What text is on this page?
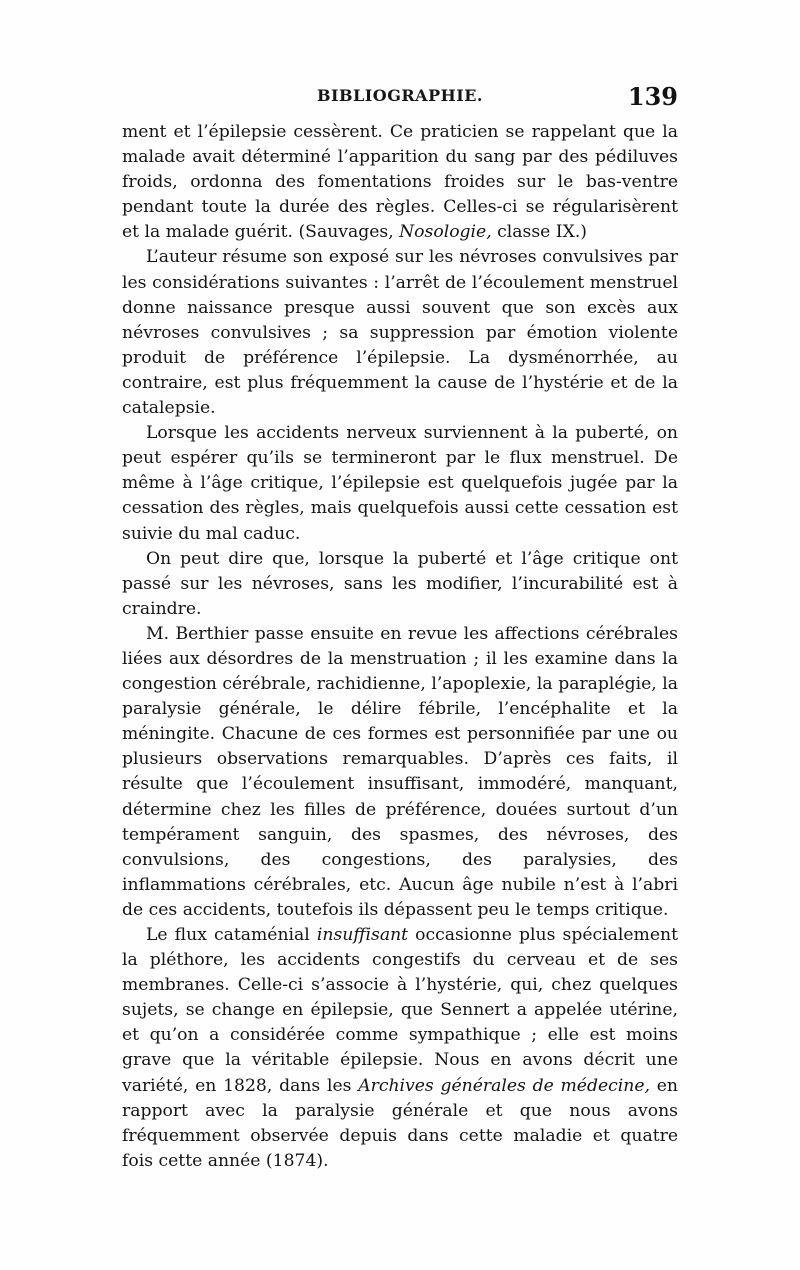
BIBLIOGRAPHIE.	139

ment et l’épilepsie cessèrent. Ce praticien se rappelant que la malade avait déterminé l’apparition du sang par des pédiluves froids, ordonna des fomentations froides sur le bas-ventre pendant toute la durée des règles. Celles-ci se régularisèrent et la malade guérit. (Sauvages, Nosologie, classe IX.)

L’auteur résume son exposé sur les névroses convulsives par les considérations suivantes : l’arrêt de l’écoulement menstruel donne naissance presque aussi souvent que son excès aux névroses convulsives ; sa suppression par émotion violente produit de préférence l’épilepsie. La dysménorrhée, au contraire, est plus fréquemment la cause de l’hystérie et de la catalepsie.

Lorsque les accidents nerveux surviennent à la puberté, on peut espérer qu’ils se termineront par le flux menstruel. De même à l’âge critique, l’épilepsie est quelquefois jugée par la cessation des règles, mais quelquefois aussi cette cessation est suivie du mal caduc.

On peut dire que, lorsque la puberté et l’âge critique ont passé sur les névroses, sans les modifier, l’incurabilité est à craindre.

M. Berthier passe ensuite en revue les affections cérébrales liées aux désordres de la menstruation ; il les examine dans la congestion cérébrale, rachidienne, l’apoplexie, la paraplégie, la paralysie générale, le délire fébrile, l’encéphalite et la méningite. Chacune de ces formes est personnifiée par une ou plusieurs observations remarquables. D’après ces faits, il résulte que l’écoulement insuffisant, immodéré, manquant, détermine chez les filles de préférence, douées surtout d’un tempérament sanguin, des spasmes, des névroses, des convulsions, des congestions, des paralysies, des inflammations cérébrales, etc. Aucun âge nubile n’est à l’abri de ces accidents, toutefois ils dépassent peu le temps critique.

Le flux cataménial insuffisant occasionne plus spécialement la pléthore, les accidents congestifs du cerveau et de ses membranes. Celle-ci s’associe à l’hystérie, qui, chez quelques sujets, se change en épilepsie, que Sennert a appelée utérine, et qu’on a considérée comme sympathique ; elle est moins grave que la véritable épilepsie. Nous en avons décrit une variété, en 1828, dans les Archives générales de médecine, en rapport avec la paralysie générale et que nous avons fréquemment observée depuis dans cette maladie et quatre fois cette année (1874).
